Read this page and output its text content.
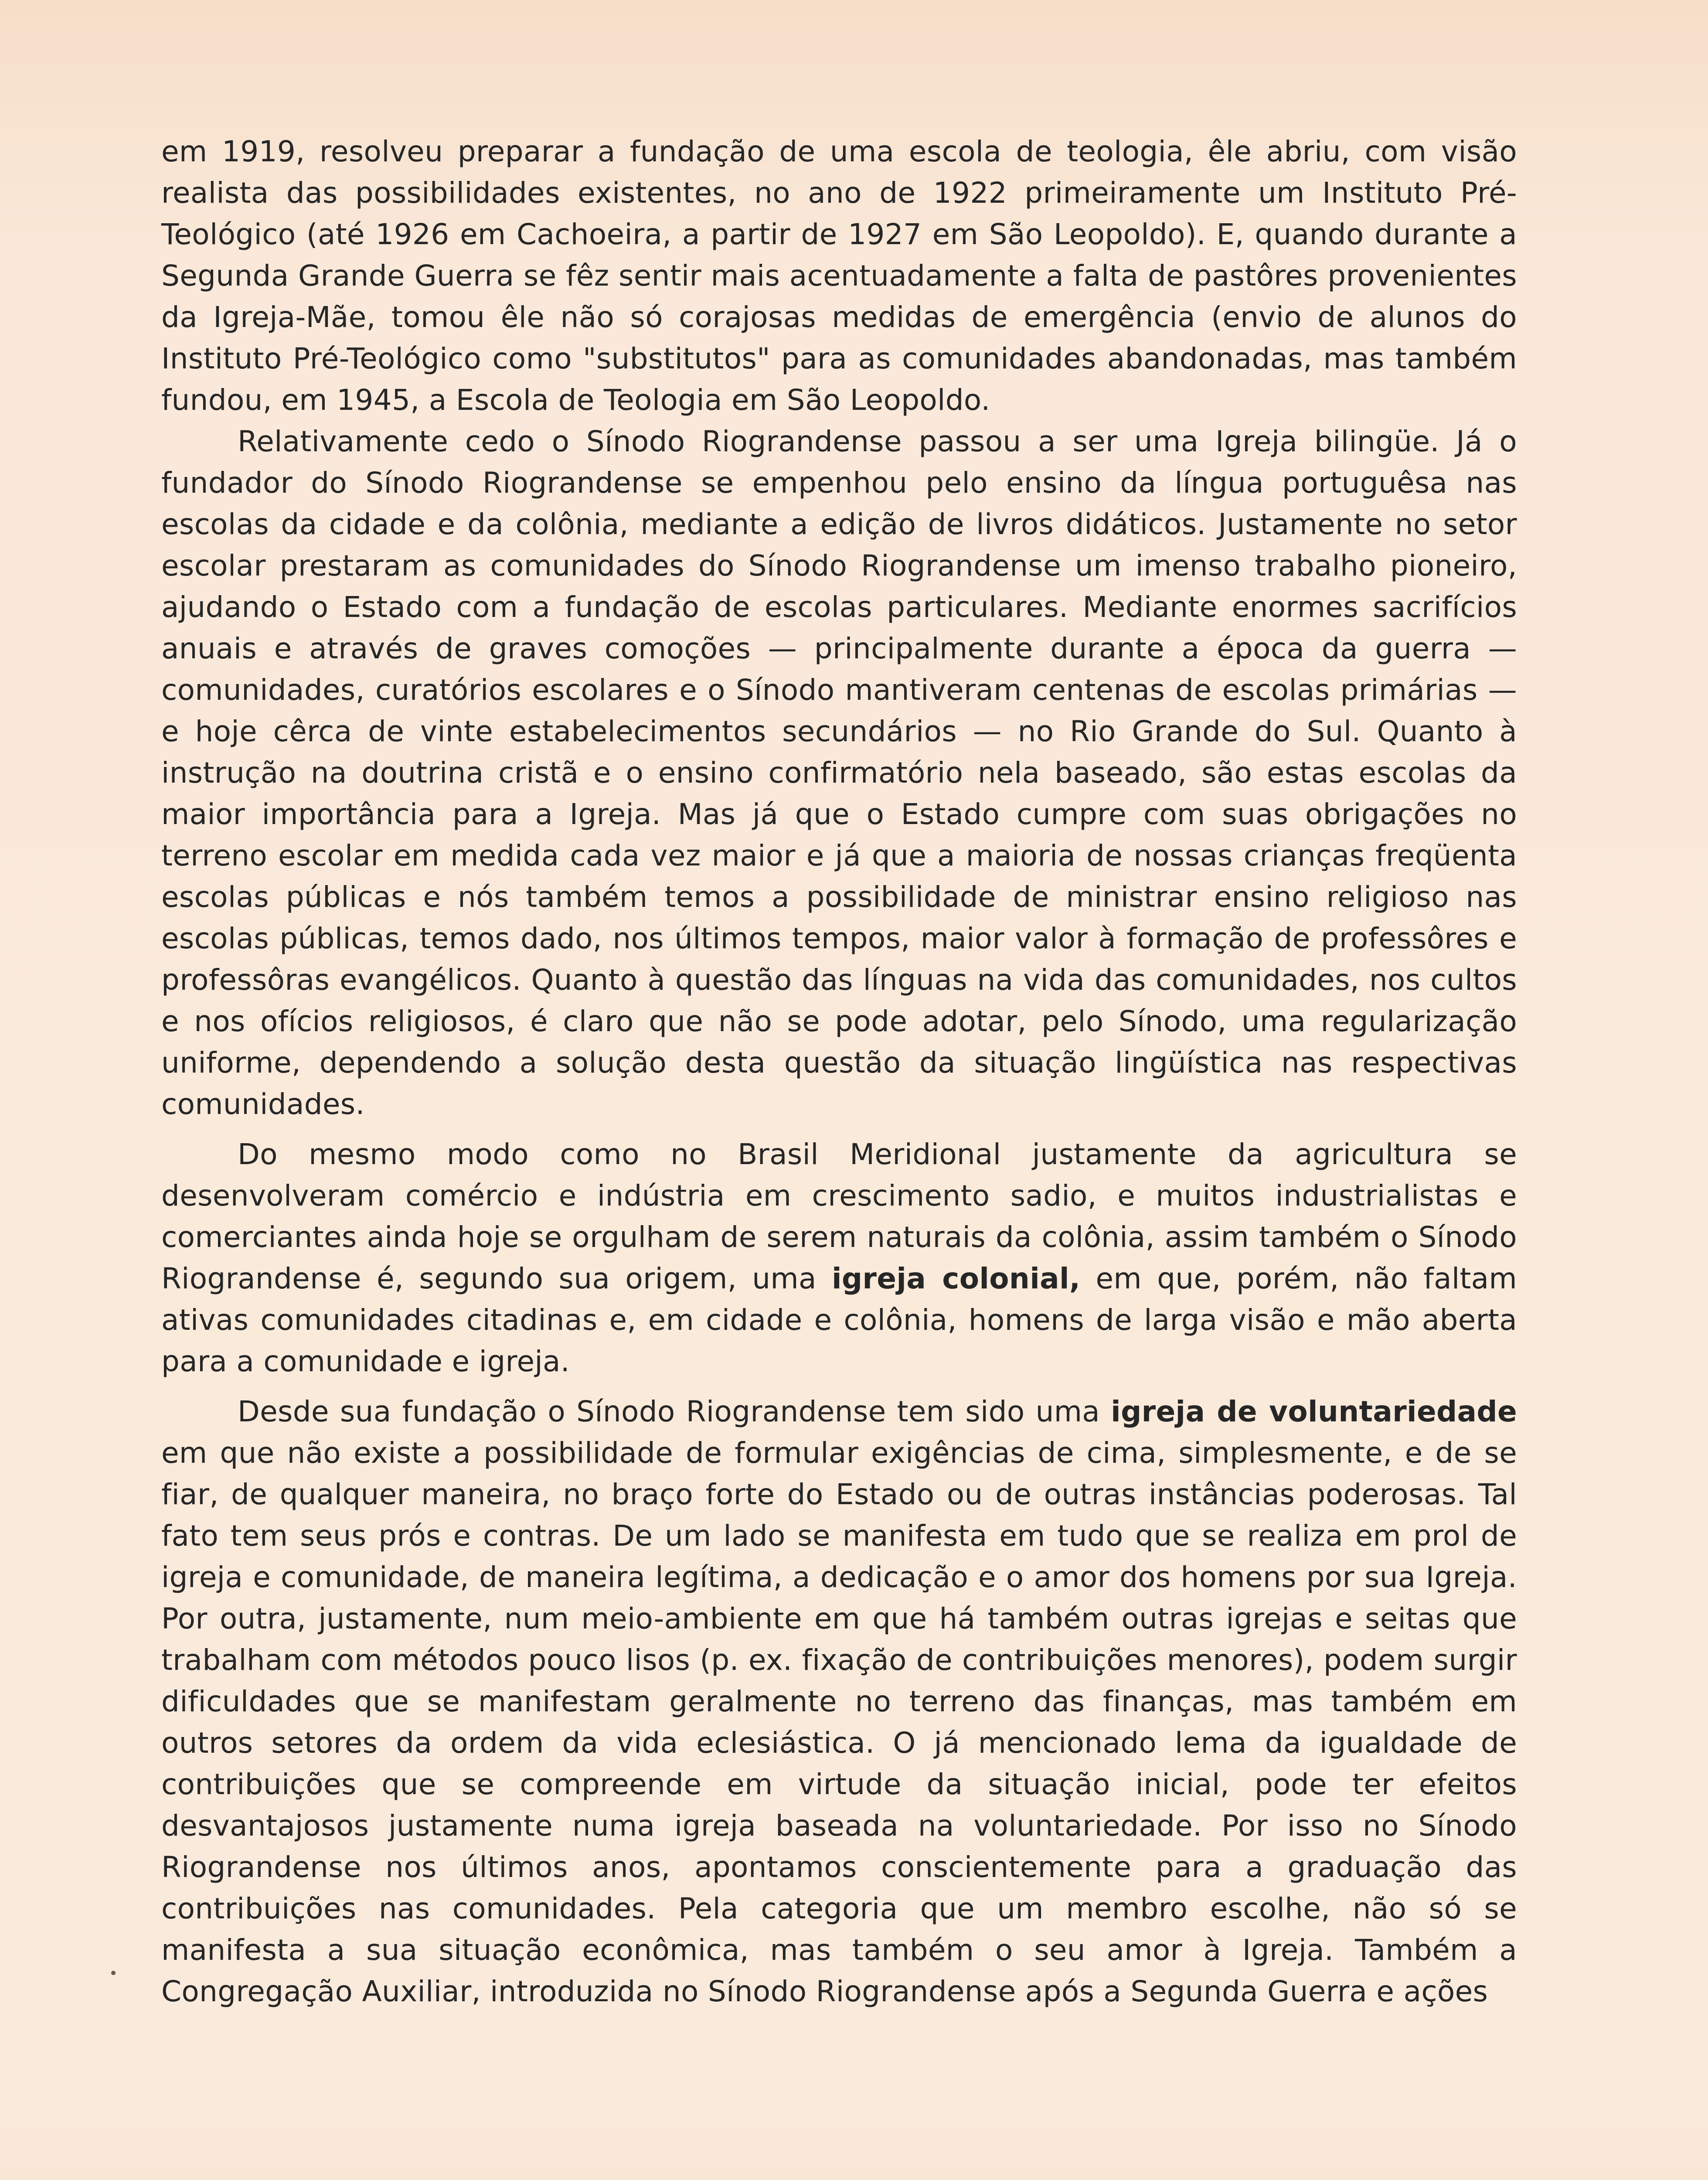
em 1919, resolveu preparar a fundação de uma escola de teologia, êle abriu, com visão realista das possibilidades existentes, no ano de 1922 primeiramente um Instituto Pré-Teológico (até 1926 em Cachoeira, a partir de 1927 em São Leopoldo). E, quando durante a Segunda Grande Guerra se fêz sentir mais acentuadamente a falta de pastôres provenientes da Igreja-Mãe, tomou êle não só corajosas medidas de emergência (envio de alunos do Instituto Pré-Teológico como "substitutos" para as comunidades abandonadas, mas também fundou, em 1945, a Escola de Teologia em São Leopoldo.

Relativamente cedo o Sínodo Riograndense passou a ser uma Igreja bilingüe. Já o fundador do Sínodo Riograndense se empenhou pelo ensino da língua portuguêsa nas escolas da cidade e da colônia, mediante a edição de livros didáticos. Justamente no setor escolar prestaram as comunidades do Sínodo Riograndense um imenso trabalho pioneiro, ajudando o Estado com a fundação de escolas particulares. Mediante enormes sacrifícios anuais e através de graves comoções — principalmente durante a época da guerra — comunidades, curatórios escolares e o Sínodo mantiveram centenas de escolas primárias — e hoje cêrca de vinte estabelecimentos secundários — no Rio Grande do Sul. Quanto à instrução na doutrina cristã e o ensino confirmatório nela baseado, são estas escolas da maior importância para a Igreja. Mas já que o Estado cumpre com suas obrigações no terreno escolar em medida cada vez maior e já que a maioria de nossas crianças freqüenta escolas públicas e nós também temos a possibilidade de ministrar ensino religioso nas escolas públicas, temos dado, nos últimos tempos, maior valor à formação de professôres e professôras evangélicos. Quanto à questão das línguas na vida das comunidades, nos cultos e nos ofícios religiosos, é claro que não se pode adotar, pelo Sínodo, uma regularização uniforme, dependendo a solução desta questão da situação lingüística nas respectivas comunidades.

Do mesmo modo como no Brasil Meridional justamente da agricultura se desenvolveram comércio e indústria em crescimento sadio, e muitos industrialistas e comerciantes ainda hoje se orgulham de serem naturais da colônia, assim também o Sínodo Riograndense é, segundo sua origem, uma igreja colonial, em que, porém, não faltam ativas comunidades citadinas e, em cidade e colônia, homens de larga visão e mão aberta para a comunidade e igreja.

Desde sua fundação o Sínodo Riograndense tem sido uma igreja de voluntariedade em que não existe a possibilidade de formular exigências de cima, simplesmente, e de se fiar, de qualquer maneira, no braço forte do Estado ou de outras instâncias poderosas. Tal fato tem seus prós e contras. De um lado se manifesta em tudo que se realiza em prol de igreja e comunidade, de maneira legítima, a dedicação e o amor dos homens por sua Igreja. Por outra, justamente, num meio-ambiente em que há também outras igrejas e seitas que trabalham com métodos pouco lisos (p. ex. fixação de contribuições menores), podem surgir dificuldades que se manifestam geralmente no terreno das finanças, mas também em outros setores da ordem da vida eclesiástica. O já mencionado lema da igualdade de contribuições que se compreende em virtude da situação inicial, pode ter efeitos desvantajosos justamente numa igreja baseada na voluntariedade. Por isso no Sínodo Riograndense nos últimos anos, apontamos conscientemente para a graduação das contribuições nas comunidades. Pela categoria que um membro escolhe, não só se manifesta a sua situação econômica, mas também o seu amor à Igreja. Também a Congregação Auxiliar, introduzida no Sínodo Riograndense após a Segunda Guerra e ações
